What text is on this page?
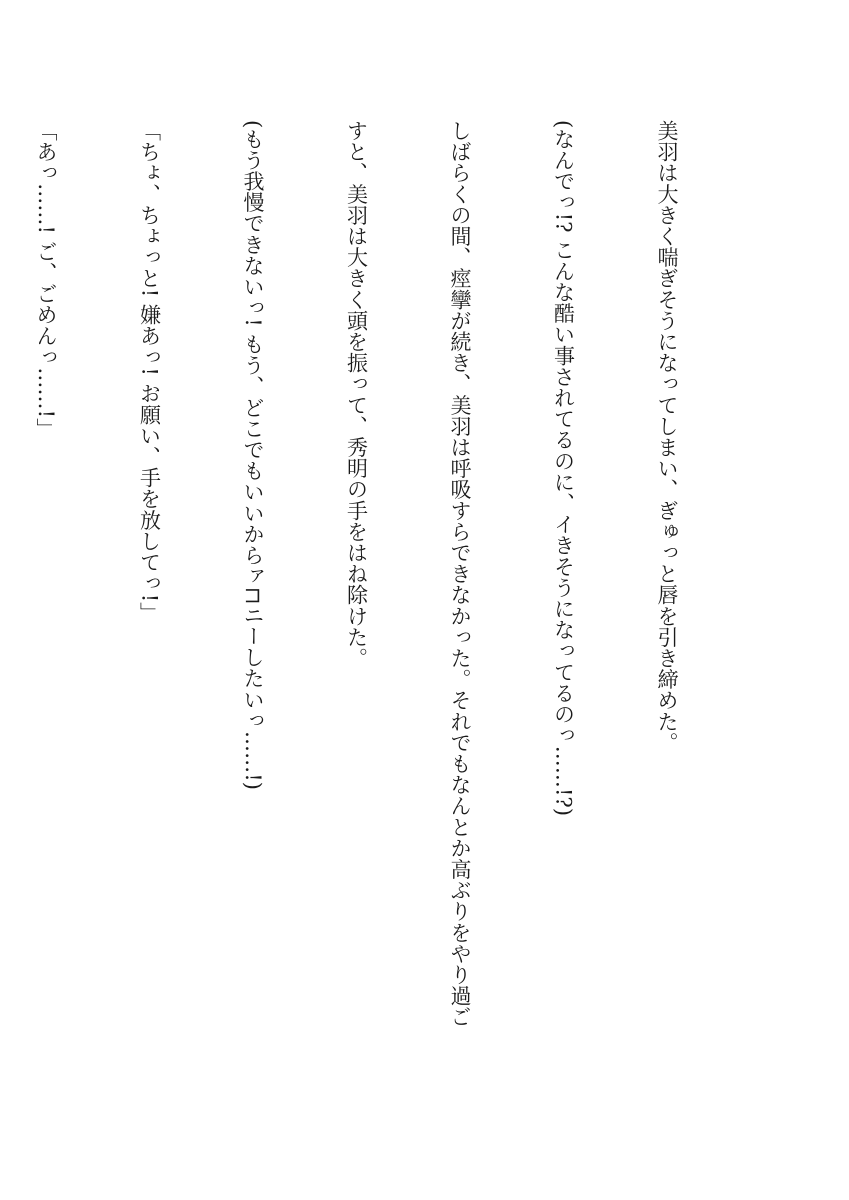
美羽は大きく喘ぎそうになってしまい、ぎゅっと唇を引き締めた。

(なんでっ!? こんな酷い事されてるのに、イきそうになってるのっ……!?)

しばらくの間、痙攣が続き、美羽は呼吸すらできなかった。それでもなんとか高ぶりをやり過ご

すと、美羽は大きく頭を振って、秀明の手をはね除けた。

(もう我慢できないっ! もう、どこでもいいからァ⊓ニーしたいっ……!)

「ちょ、ちょっと! 嫌あっ! お願い、手を放してっ!」

「あっ……! ご、ごめんっ……!」
